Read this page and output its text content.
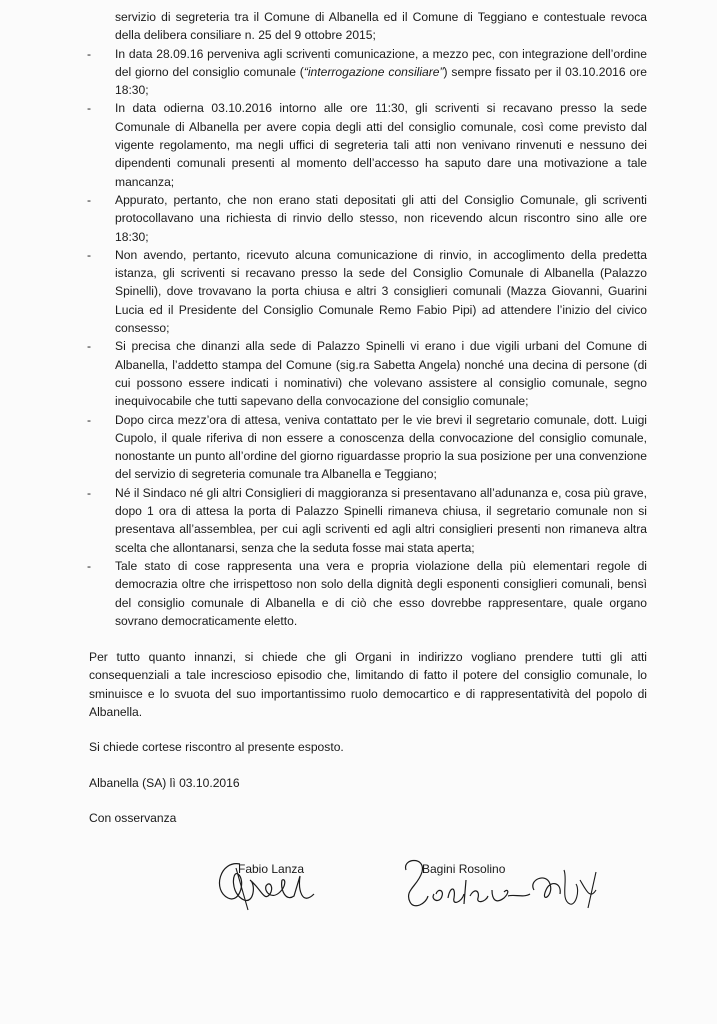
servizio di segreteria tra il Comune di Albanella ed il Comune di Teggiano e contestuale revoca della delibera consiliare n. 25 del 9 ottobre 2015;

- In data 28.09.16 perveniva agli scriventi comunicazione, a mezzo pec, con integrazione dell’ordine del giorno del consiglio comunale (“interrogazione consiliare”) sempre fissato per il 03.10.2016 ore 18:30;
- In data odierna 03.10.2016 intorno alle ore 11:30, gli scriventi si recavano presso la sede Comunale di Albanella per avere copia degli atti del consiglio comunale, così come previsto dal vigente regolamento, ma negli uffici di segreteria tali atti non venivano rinvenuti e nessuno dei dipendenti comunali presenti al momento dell’accesso ha saputo dare una motivazione a tale mancanza;
- Appurato, pertanto, che non erano stati depositati gli atti del Consiglio Comunale, gli scriventi protocollavano una richiesta di rinvio dello stesso, non ricevendo alcun riscontro sino alle ore 18:30;
- Non avendo, pertanto, ricevuto alcuna comunicazione di rinvio, in accoglimento della predetta istanza, gli scriventi si recavano presso la sede del Consiglio Comunale di Albanella (Palazzo Spinelli), dove trovavano la porta chiusa e altri 3 consiglieri comunali (Mazza Giovanni, Guarini Lucia ed il Presidente del Consiglio Comunale Remo Fabio Pipi) ad attendere l’inizio del civico consesso;
- Si precisa che dinanzi alla sede di Palazzo Spinelli vi erano i due vigili urbani del Comune di Albanella, l’addetto stampa del Comune (sig.ra Sabetta Angela) nonché una decina di persone (di cui possono essere indicati i nominativi) che volevano assistere al consiglio comunale, segno inequivocabile che tutti sapevano della convocazione del consiglio comunale;
- Dopo circa mezz’ora di attesa, veniva contattato per le vie brevi il segretario comunale, dott. Luigi Cupolo, il quale riferiva di non essere a conoscenza della convocazione del consiglio comunale, nonostante un punto all’ordine del giorno riguardasse proprio la sua posizione per una convenzione del servizio di segreteria comunale tra Albanella e Teggiano;
- Né il Sindaco né gli altri Consiglieri di maggioranza si presentavano all’adunanza e, cosa più grave, dopo 1 ora di attesa la porta di Palazzo Spinelli rimaneva chiusa, il segretario comunale non si presentava all’assemblea, per cui agli scriventi ed agli altri consiglieri presenti non rimaneva altra scelta che allontanarsi, senza che la seduta fosse mai stata aperta;
- Tale stato di cose rappresenta una vera e propria violazione della più elementari regole di democrazia oltre che irrispettoso non solo della dignità degli esponenti consiglieri comunali, bensì del consiglio comunale di Albanella e di ciò che esso dovrebbe rappresentare, quale organo sovrano democraticamente eletto.

Per tutto quanto innanzi, si chiede che gli Organi in indirizzo vogliano prendere tutti gli atti consequenziali a tale increscioso episodio che, limitando di fatto il potere del consiglio comunale, lo sminuisce e lo svuota del suo importantissimo ruolo democartico e di rappresentatività del popolo di Albanella.

Si chiede cortese riscontro al presente esposto.

Albanella (SA) lì 03.10.2016

Con osservanza

Fabio Lanza	Bagini Rosolino
